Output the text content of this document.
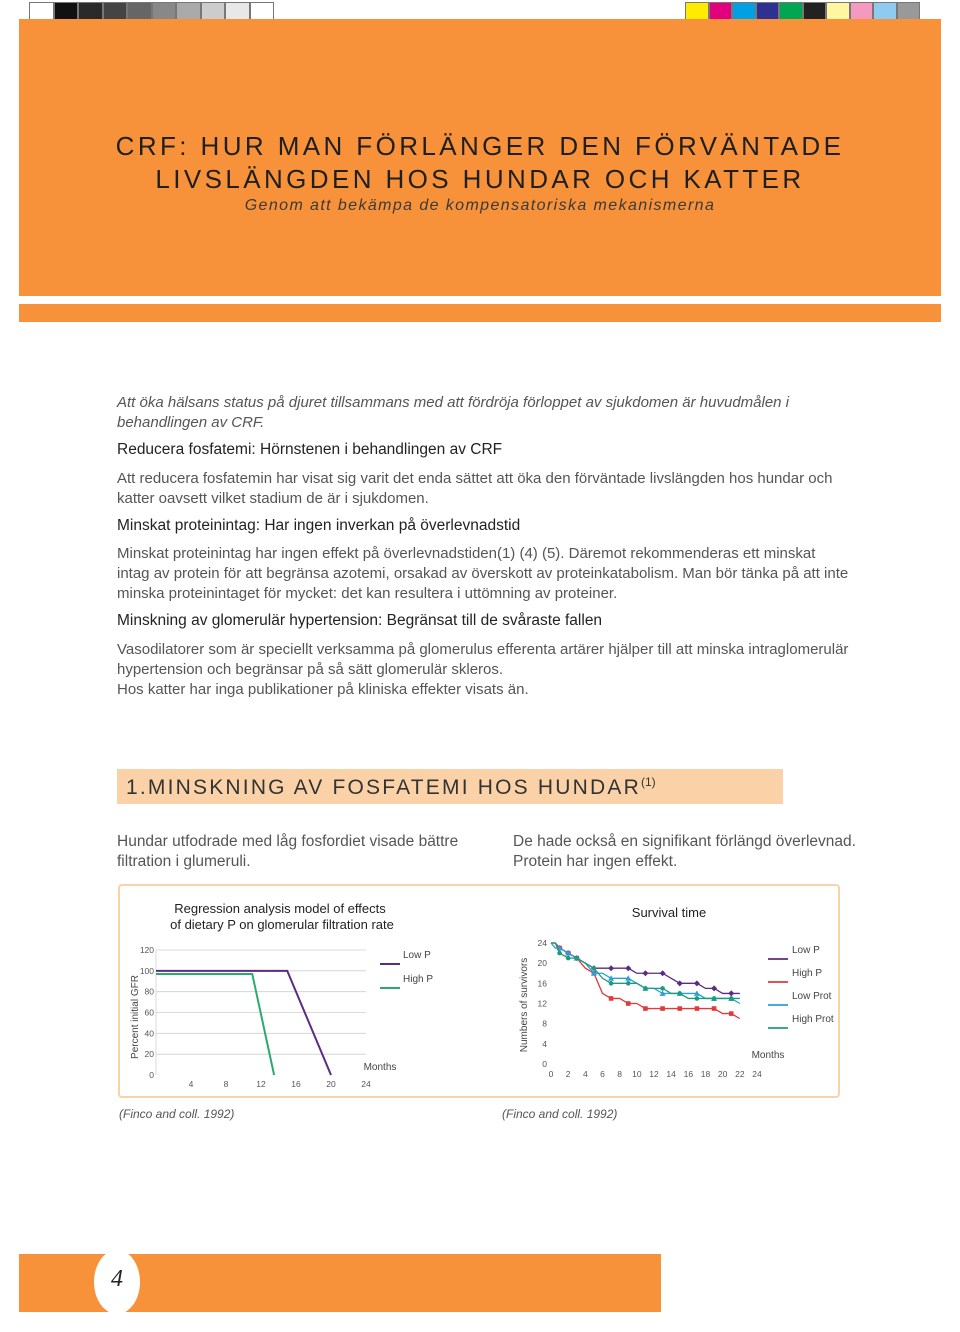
CRF: HUR MAN FÖRLÄNGER DEN FÖRVÄNTADE
LIVSLÄNGDEN HOS HUNDAR OCH KATTER
Genom att bekämpa de kompensatoriska mekanismerna
Att öka hälsans status på djuret tillsammans med att fördröja förloppet av sjukdomen är huvudmålen i behandlingen av CRF.
Reducera fosfatemi: Hörnstenen i behandlingen av CRF
Att reducera fosfatemin har visat sig varit det enda sättet att öka den förväntade livslängden hos hundar och katter oavsett vilket stadium de är i sjukdomen.
Minskat proteinintag: Har ingen inverkan på överlevnadstid
Minskat proteinintag har ingen effekt på överlevnadstiden(1) (4) (5). Däremot rekommenderas ett minskat intag av protein för att begränsa azotemi, orsakad av överskott av proteinkatabolism. Man bör tänka på att inte minska proteinintaget för mycket: det kan resultera i uttömning av proteiner.
Minskning av glomerulär hypertension: Begränsat till de svåraste fallen
Vasodilatorer som är speciellt verksamma på glomerulus efferenta artärer hjälper till att minska intraglomerulär hypertension och begränsar på så sätt glomerulär skleros.
Hos katter har inga publikationer på kliniska effekter visats än.
1.MINSKNING AV FOSFATEMI HOS HUNDAR$^{(1)}$
Hundar utfodrade med låg fosfordiet visade bättre filtration i glumeruli.
De hade också en signifikant förlängd överlevnad. Protein har ingen effekt.
Regression analysis model of effects
of dietary P on glomerular filtration rate
0
20
40
60
80
100
120
4	8	12	16	20	24
Months
Percent initial GFR
Low P
High P
Survival time
0
4
8
12
16
20
24
0 2 4 6 8 10 12 14 16 18 20 22 24
Months
Numbers of survivors
Low P
High P
Low Prot
High Prot
(Finco and coll. 1992)	(Finco and coll. 1992)
4
